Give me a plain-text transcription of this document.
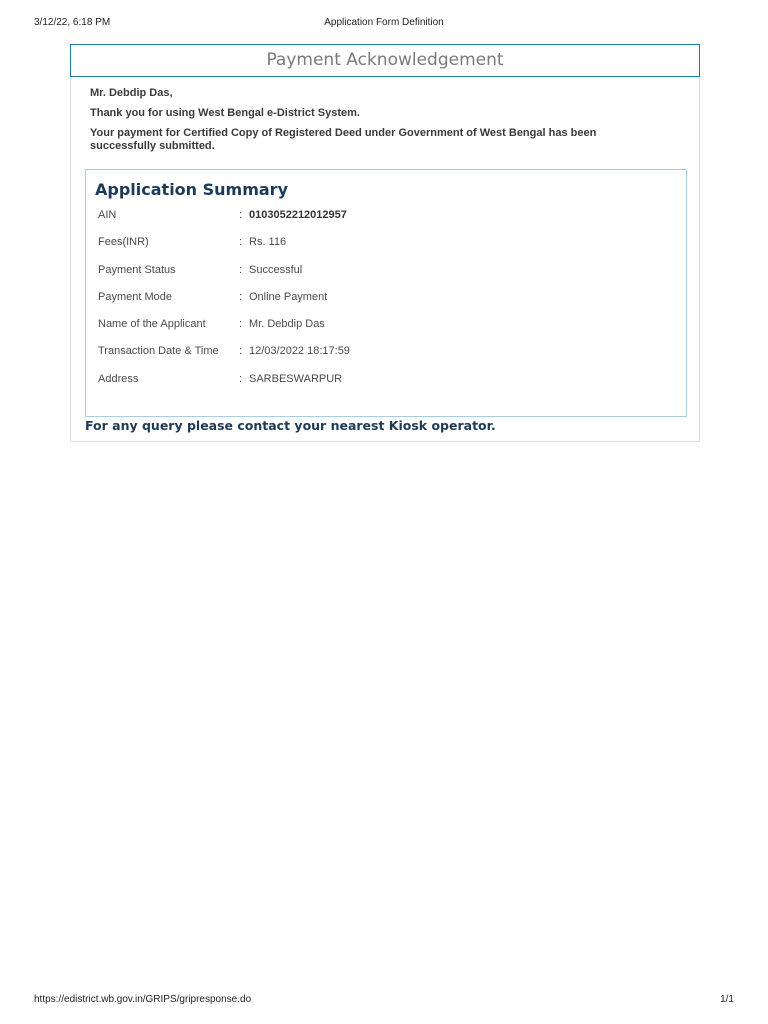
3/12/22, 6:18 PM	Application Form Definition
Payment Acknowledgement
Mr. Debdip Das,
Thank you for using West Bengal e-District System.
Your payment for Certified Copy of Registered Deed under Government of West Bengal has been successfully submitted.
Application Summary
AIN	: 0103052212012957
Fees(INR)	: Rs. 116
Payment Status	: Successful
Payment Mode	: Online Payment
Name of the Applicant	: Mr. Debdip Das
Transaction Date & Time	: 12/03/2022 18:17:59
Address	: SARBESWARPUR
For any query please contact your nearest Kiosk operator.
https://edistrict.wb.gov.in/GRIPS/gripresponse.do	1/1
